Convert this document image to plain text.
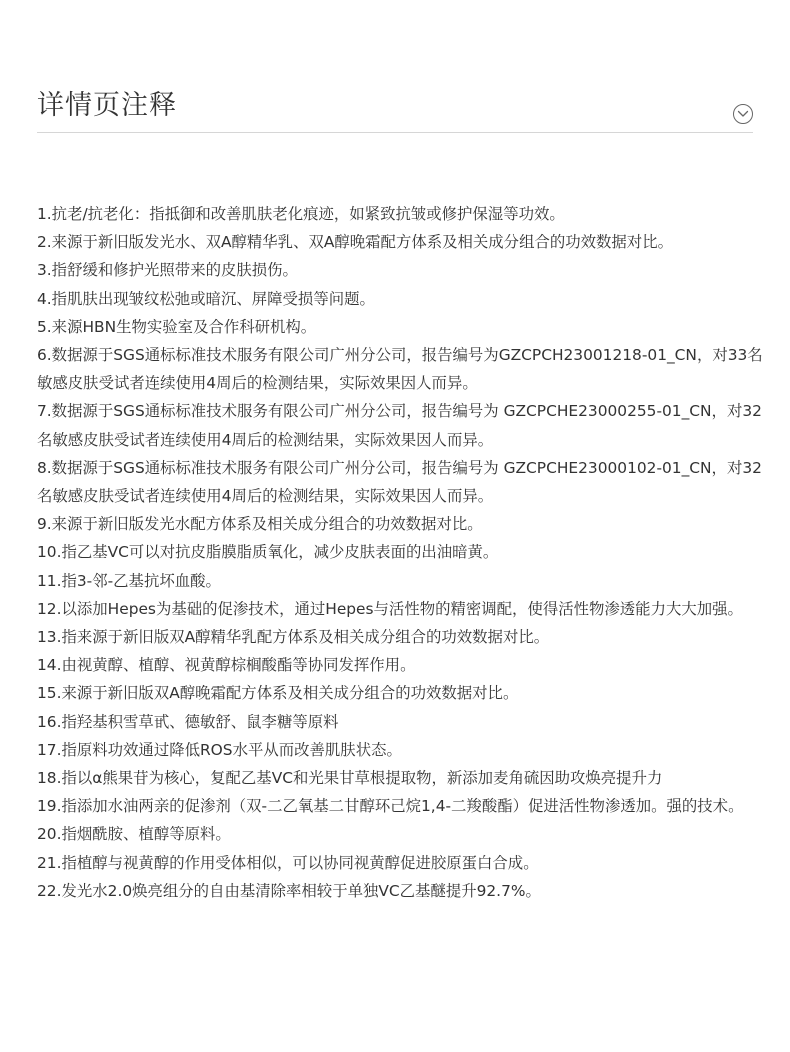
详情页注释
1.抗老/抗老化：指抵御和改善肌肤老化痕迹，如紧致抗皱或修护保湿等功效。
2.来源于新旧版发光水、双A醇精华乳、双A醇晚霜配方体系及相关成分组合的功效数据对比。
3.指舒缓和修护光照带来的皮肤损伤。
4.指肌肤出现皱纹松弛或暗沉、屏障受损等问题。
5.来源HBN生物实验室及合作科研机构。
6.数据源于SGS通标标准技术服务有限公司广州分公司，报告编号为GZCPCH23001218-01_CN，对33名敏感皮肤受试者连续使用4周后的检测结果，实际效果因人而异。
7.数据源于SGS通标标准技术服务有限公司广州分公司，报告编号为 GZCPCHE23000255-01_CN，对32 名敏感皮肤受试者连续使用4周后的检测结果，实际效果因人而异。
8.数据源于SGS通标标准技术服务有限公司广州分公司，报告编号为 GZCPCHE23000102-01_CN，对32 名敏感皮肤受试者连续使用4周后的检测结果，实际效果因人而异。
9.来源于新旧版发光水配方体系及相关成分组合的功效数据对比。
10.指乙基VC可以对抗皮脂膜脂质氧化，减少皮肤表面的出油暗黄。
11.指3-邻-乙基抗坏血酸。
12.以添加Hepes为基础的促渗技术，通过Hepes与活性物的精密调配，使得活性物渗透能力大大加强。
13.指来源于新旧版双A醇精华乳配方体系及相关成分组合的功效数据对比。
14.由视黄醇、植醇、视黄醇棕榈酸酯等协同发挥作用。
15.来源于新旧版双A醇晚霜配方体系及相关成分组合的功效数据对比。
16.指羟基积雪草甙、德敏舒、鼠李糖等原料
17.指原料功效通过降低ROS水平从而改善肌肤状态。
18.指以α熊果苷为核心，复配乙基VC和光果甘草根提取物，新添加麦角硫因助攻焕亮提升力
19.指添加水油两亲的促渗剂（双-二乙氧基二甘醇环己烷1,4-二羧酸酯）促进活性物渗透加。强的技术。
20.指烟酰胺、植醇等原料。
21.指植醇与视黄醇的作用受体相似，可以协同视黄醇促进胶原蛋白合成。
22.发光水2.0焕亮组分的自由基清除率相较于单独VC乙基醚提升92.7%。
